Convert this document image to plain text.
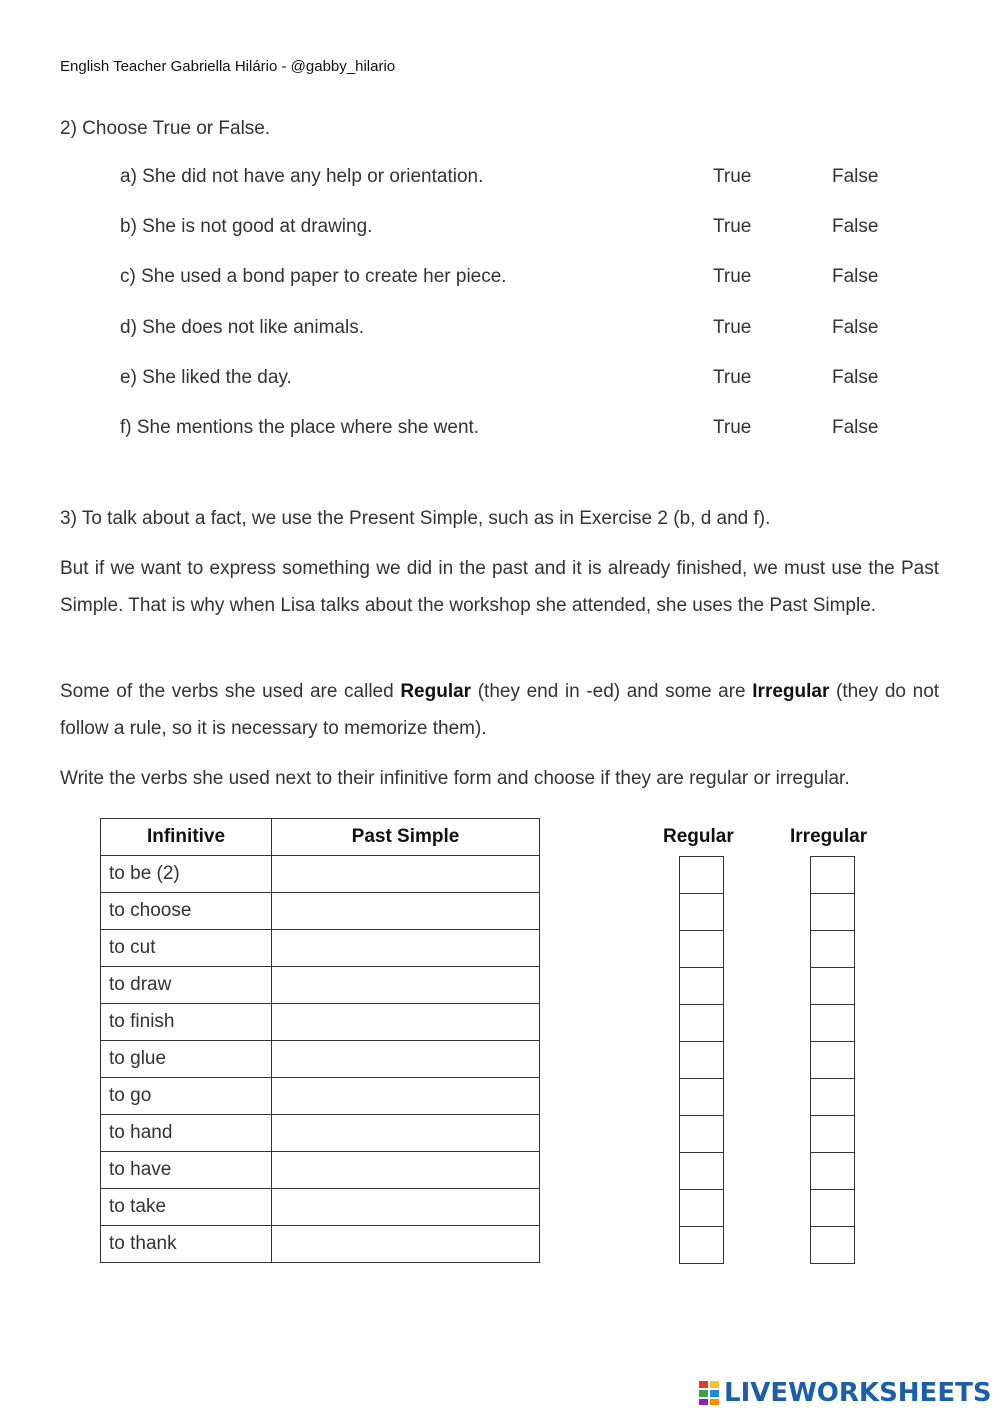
English Teacher Gabriella Hilário - @gabby_hilario
2) Choose True or False.
a) She did not have any help or orientation.	True	False
b) She is not good at drawing.	True	False
c) She used a bond paper to create her piece.	True	False
d) She does not like animals.	True	False
e) She liked the day.	True	False
f) She mentions the place where she went.	True	False
3) To talk about a fact, we use the Present Simple, such as in Exercise 2 (b, d and f).
But if we want to express something we did in the past and it is already finished, we must use the Past Simple. That is why when Lisa talks about the workshop she attended, she uses the Past Simple.
Some of the verbs she used are called Regular (they end in -ed) and some are Irregular (they do not follow a rule, so it is necessary to memorize them).
Write the verbs she used next to their infinitive form and choose if they are regular or irregular.
Infinitive	Past Simple
to be (2)	
to choose	
to cut	
to draw	
to finish	
to glue	
to go	
to hand	
to have	
to take	
to thank	
Regular	Irregular
LIVEWORKSHEETS
